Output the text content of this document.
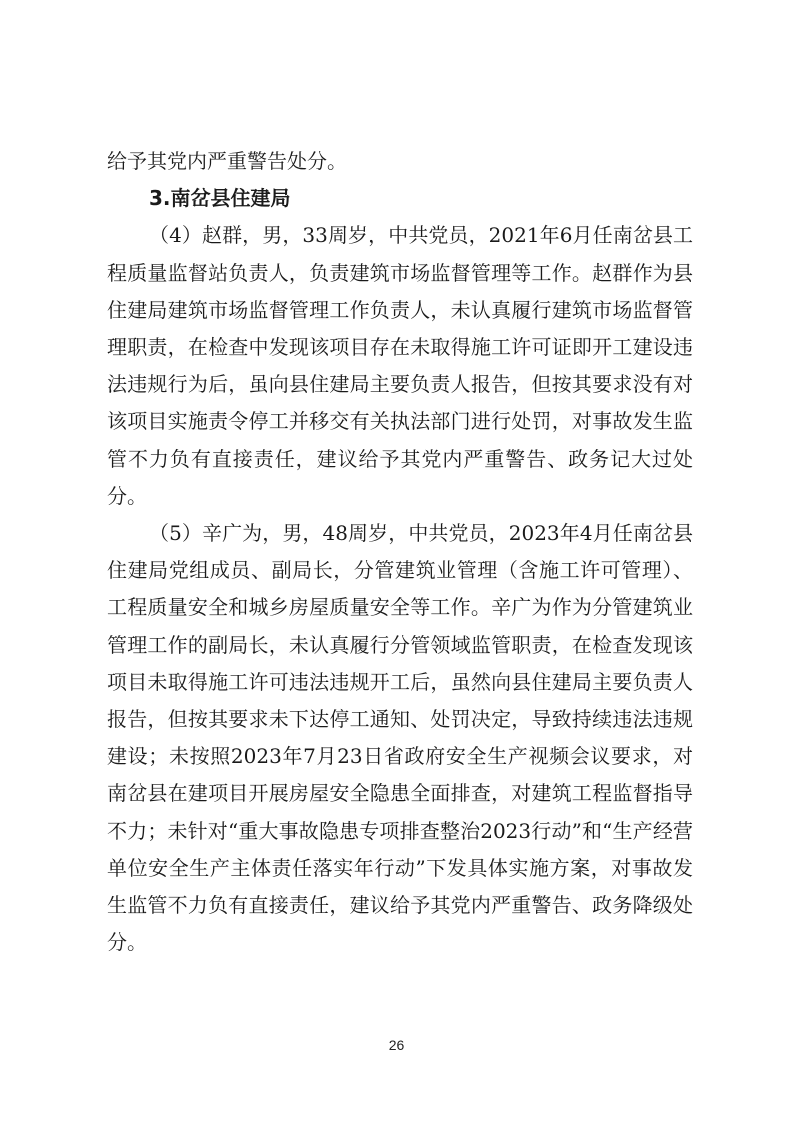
给予其党内严重警告处分。

3.南岔县住建局

（4）赵群，男，33周岁，中共党员，2021年6月任南岔县工程质量监督站负责人，负责建筑市场监督管理等工作。赵群作为县住建局建筑市场监督管理工作负责人，未认真履行建筑市场监督管理职责，在检查中发现该项目存在未取得施工许可证即开工建设违法违规行为后，虽向县住建局主要负责人报告，但按其要求没有对该项目实施责令停工并移交有关执法部门进行处罚，对事故发生监管不力负有直接责任，建议给予其党内严重警告、政务记大过处分。

（5）辛广为，男，48周岁，中共党员，2023年4月任南岔县住建局党组成员、副局长，分管建筑业管理（含施工许可管理）、工程质量安全和城乡房屋质量安全等工作。辛广为作为分管建筑业管理工作的副局长，未认真履行分管领域监管职责，在检查发现该项目未取得施工许可违法违规开工后，虽然向县住建局主要负责人报告，但按其要求未下达停工通知、处罚决定，导致持续违法违规建设；未按照2023年7月23日省政府安全生产视频会议要求，对南岔县在建项目开展房屋安全隐患全面排查，对建筑工程监督指导不力；未针对“重大事故隐患专项排查整治2023行动”和“生产经营单位安全生产主体责任落实年行动”下发具体实施方案，对事故发生监管不力负有直接责任，建议给予其党内严重警告、政务降级处分。

26
